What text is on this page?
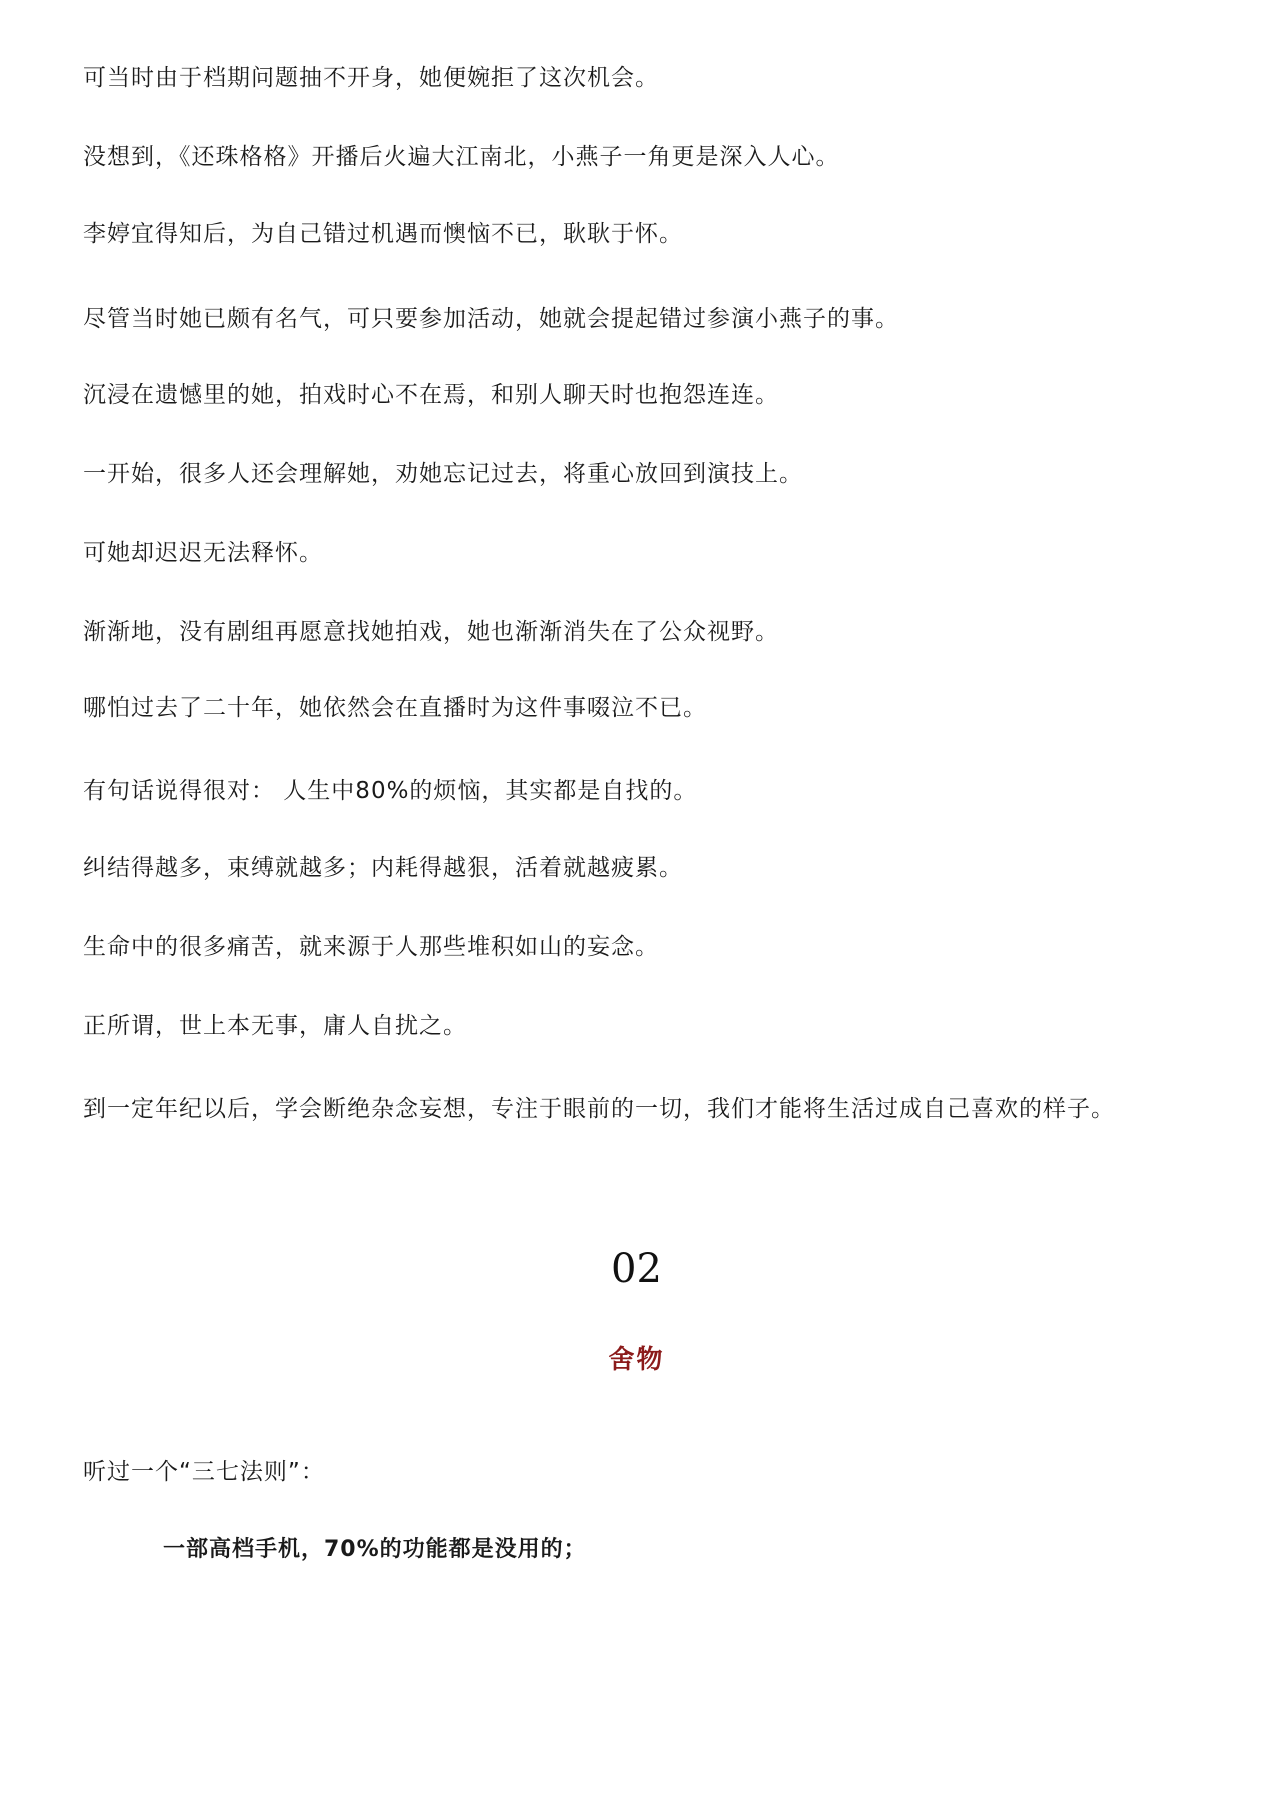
可当时由于档期问题抽不开身，她便婉拒了这次机会。

没想到，《还珠格格》开播后火遍大江南北，小燕子一角更是深入人心。

李婷宜得知后，为自己错过机遇而懊恼不已，耿耿于怀。

尽管当时她已颇有名气，可只要参加活动，她就会提起错过参演小燕子的事。

沉浸在遗憾里的她，拍戏时心不在焉，和别人聊天时也抱怨连连。

一开始，很多人还会理解她，劝她忘记过去，将重心放回到演技上。

可她却迟迟无法释怀。

渐渐地，没有剧组再愿意找她拍戏，她也渐渐消失在了公众视野。

哪怕过去了二十年，她依然会在直播时为这件事啜泣不已。

有句话说得很对： 人生中80%的烦恼，其实都是自找的。

纠结得越多，束缚就越多；内耗得越狠，活着就越疲累。

生命中的很多痛苦，就来源于人那些堆积如山的妄念。

正所谓，世上本无事，庸人自扰之。

到一定年纪以后，学会断绝杂念妄想，专注于眼前的一切，我们才能将生活过成自己喜欢的样子。

02
舍物

听过一个“三七法则”：

一部高档手机，70%的功能都是没用的；
